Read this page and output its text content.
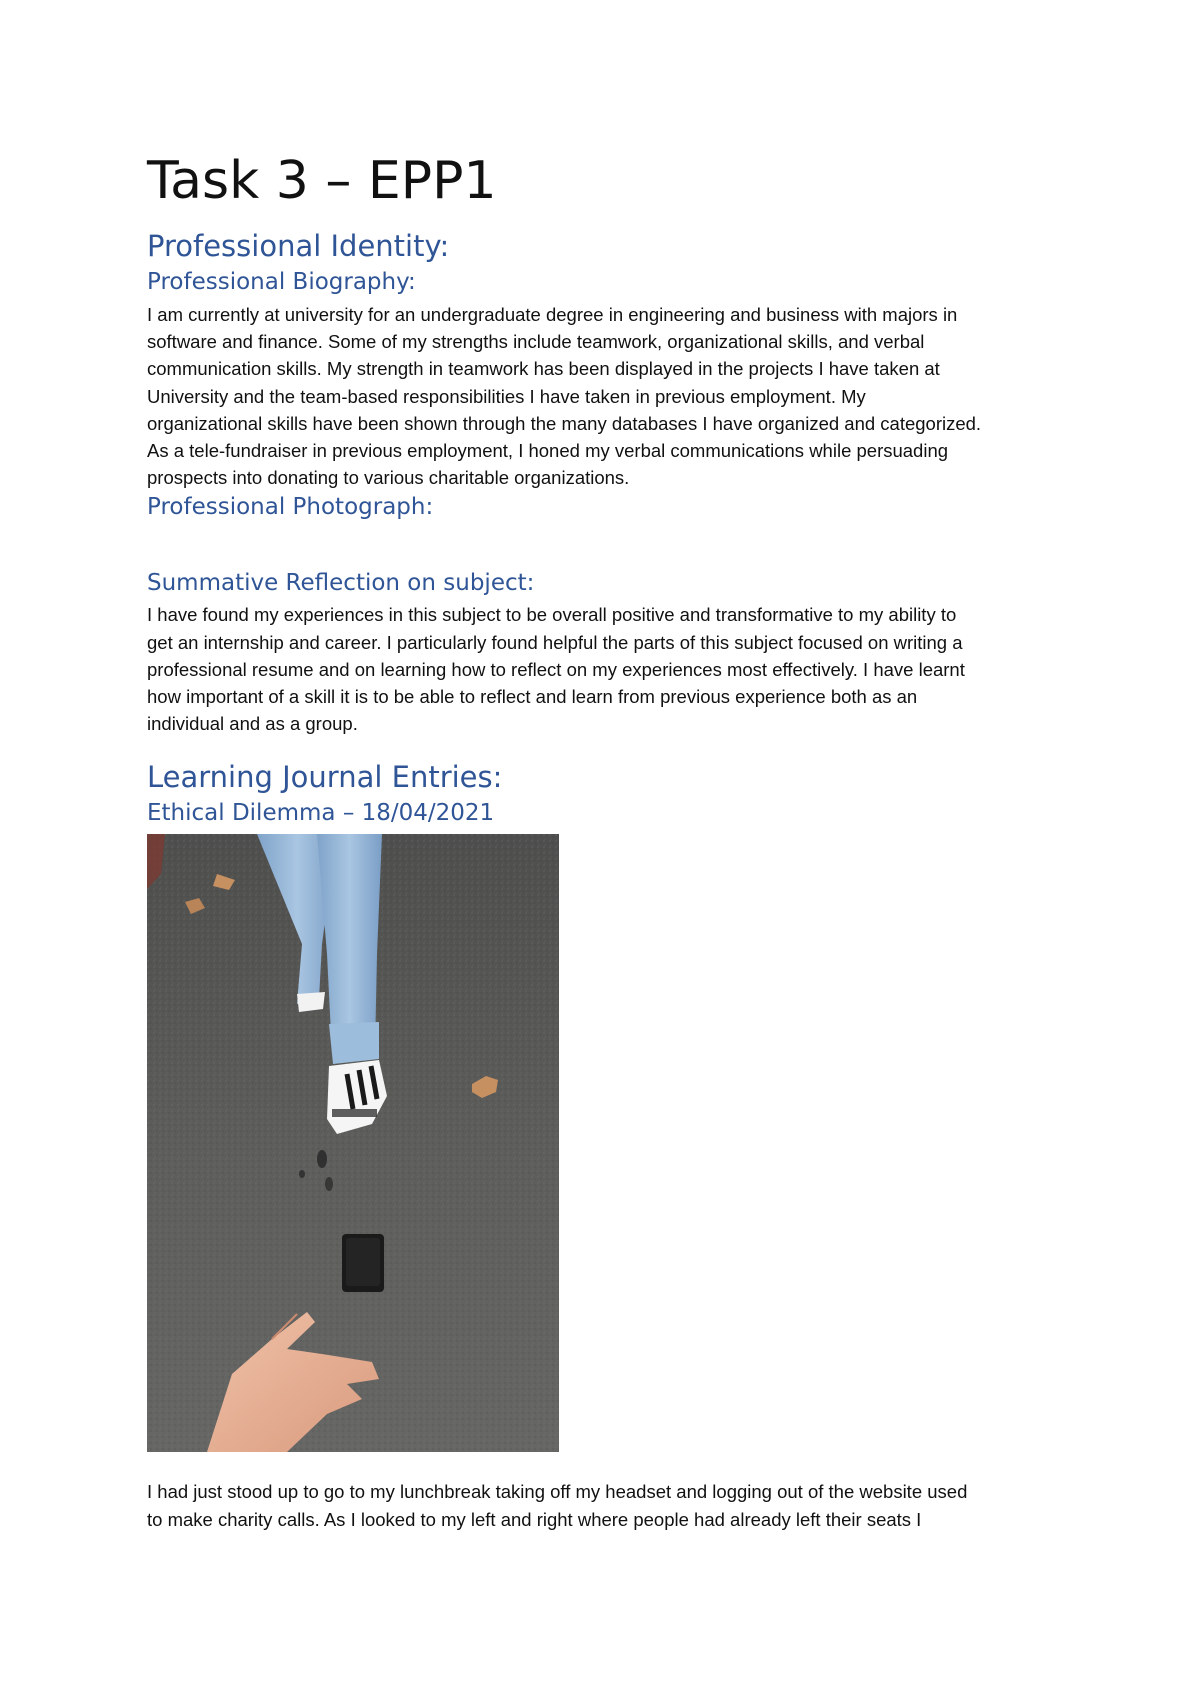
Task 3 – EPP1
Professional Identity:
Professional Biography:

I am currently at university for an undergraduate degree in engineering and business with majors in

software and finance. Some of my strengths include teamwork, organizational skills, and verbal

communication skills. My strength in teamwork has been displayed in the projects I have taken at

University and the team-based responsibilities I have taken in previous employment. My

organizational skills have been shown through the many databases I have organized and categorized.

As a tele-fundraiser in previous employment, I honed my verbal communications while persuading

prospects into donating to various charitable organizations.

Professional Photograph:
Summative Reflection on subject:

I have found my experiences in this subject to be overall positive and transformative to my ability to

get an internship and career. I particularly found helpful the parts of this subject focused on writing a

professional resume and on learning how to reflect on my experiences most effectively. I have learnt

how important of a skill it is to be able to reflect and learn from previous experience both as an

individual and as a group.

Learning Journal Entries:
Ethical Dilemma – 18/04/2021

I had just stood up to go to my lunchbreak taking off my headset and logging out of the website used

to make charity calls. As I looked to my left and right where people had already left their seats I
